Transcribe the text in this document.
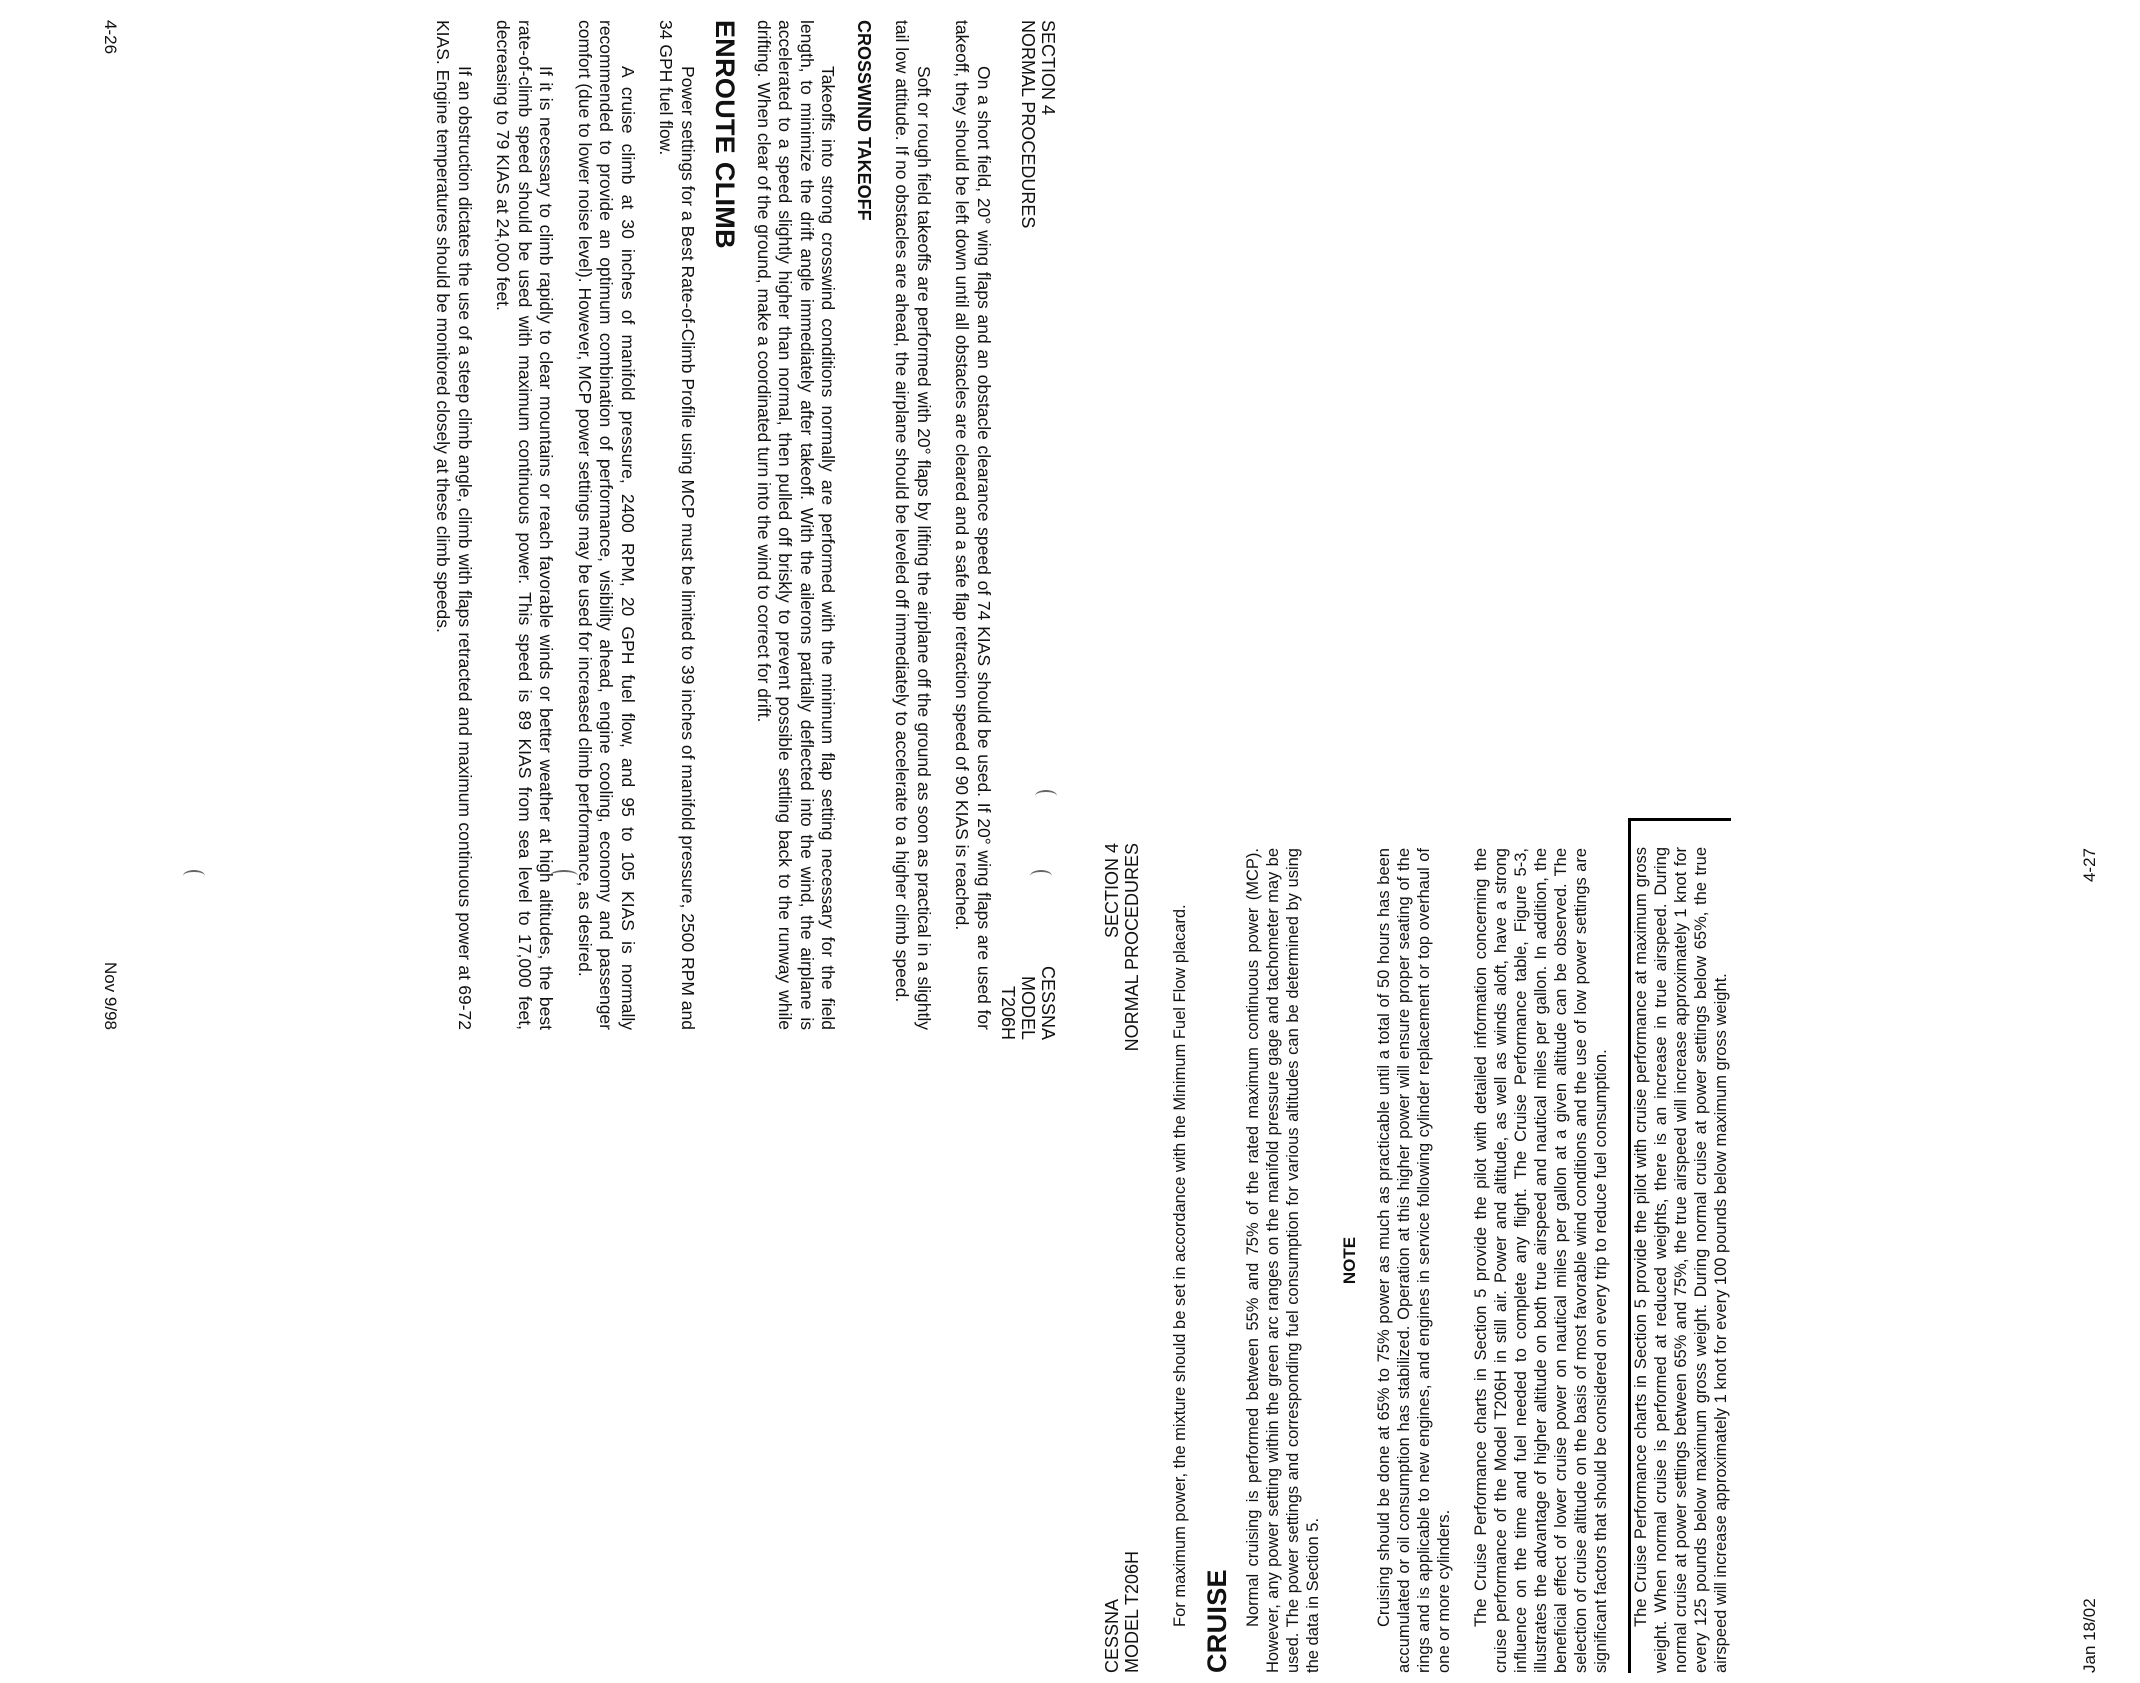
SECTION 4
NORMAL PROCEDURES
CESSNA
MODEL T206H

On a short field, 20° wing flaps and an obstacle clearance speed of 74 KIAS should be used. If 20° wing flaps are used for takeoff, they should be left down until all obstacles are cleared and a safe flap retraction speed of 90 KIAS is reached.

Soft or rough field takeoffs are performed with 20° flaps by lifting the airplane off the ground as soon as practical in a slightly tail low attitude. If no obstacles are ahead, the airplane should be leveled off immediately to accelerate to a higher climb speed.

CROSSWIND TAKEOFF

Takeoffs into strong crosswind conditions normally are performed with the minimum flap setting necessary for the field length, to minimize the drift angle immediately after takeoff. With the ailerons partially deflected into the wind, the airplane is accelerated to a speed slightly higher than normal, then pulled off briskly to prevent possible settling back to the runway while drifting. When clear of the ground, make a coordinated turn into the wind to correct for drift.

ENROUTE CLIMB

Power settings for a Best Rate-of-Climb Profile using MCP must be limited to 39 inches of manifold pressure, 2500 RPM and 34 GPH fuel flow.

A cruise climb at 30 inches of manifold pressure, 2400 RPM, 20 GPH fuel flow, and 95 to 105 KIAS is normally recommended to provide an optimum combination of performance, visibility ahead, engine cooling, economy and passenger comfort (due to lower noise level). However, MCP power settings may be used for increased climb performance, as desired.

If it is necessary to climb rapidly to clear mountains or reach favorable winds or better weather at high altitudes, the best rate-of-climb speed should be used with maximum continuous power. This speed is 89 KIAS from sea level to 17,000 feet, decreasing to 79 KIAS at 24,000 feet.

If an obstruction dictates the use of a steep climb angle, climb with flaps retracted and maximum continuous power at 69-72 KIAS. Engine temperatures should be monitored closely at these climb speeds.

4-26
Nov 9/98
CESSNA MODEL T206H
SECTION 4 NORMAL PROCEDURES For maximum power, the mixture should be set in accordance with the Minimum Fuel Flow placard. CRUISE Normal cruising is performed between 55% and 75% of the rated maximum continuous power (MCP). However, any power setting within the green arc ranges on the manifold pressure gage and tachometer may be used. The power settings and corresponding fuel consumption for various altitudes can be determined by using the data in Section 5.

NOTE Cruising should be done at 65% to 75% power as much as practicable until a total of 50 hours has been accumulated or oil consumption has stabilized. Operation at this higher power will ensure proper seating of the rings and is applicable to new engines, and engines in service following cylinder replacement or top overhaul of one or more cylinders. The Cruise Performance charts in Section 5 provide the pilot with detailed information concerning the cruise performance of the Model T206H in still air. Power and altitude, as well as winds aloft, have a strong influence on the time and fuel needed to complete any flight. The Cruise Performance table, Figure 5-3, illustrates the advantage of higher altitude on both true airspeed and nautical miles per gallon. In addition, the beneficial effect of lower cruise power on nautical miles per gallon at a given altitude can be observed. The selection of cruise altitude on the basis of most favorable wind conditions and the use of low power settings are significant factors that should be considered on every trip to reduce fuel consumption. The Cruise Performance charts in Section 5 provide the pilot with cruise performance at maximum gross weight. When normal cruise is performed at reduced weights, there is an increase in true airspeed. During normal cruise at power settings between 65% and 75%, the true airspeed will increase approximately 1 knot for every 125 pounds below maximum gross weight. During normal cruise at power settings below 65%, the true airspeed will increase approximately 1 knot for every 100 pounds below maximum gross weight.	Jan 18/02
4-27
